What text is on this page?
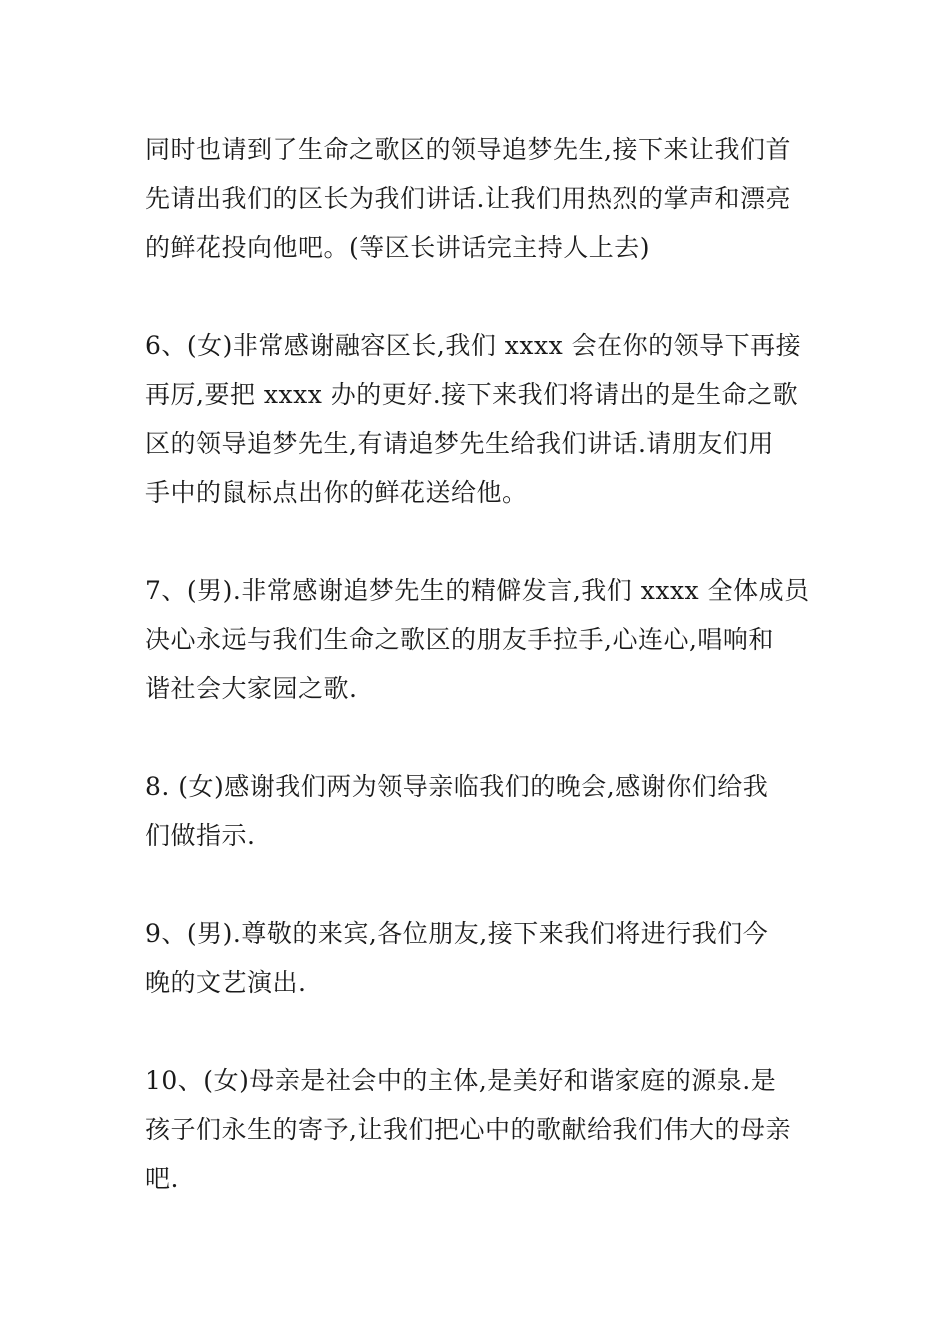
同时也请到了生命之歌区的领导追梦先生,接下来让我们首
先请出我们的区长为我们讲话.让我们用热烈的掌声和漂亮
的鲜花投向他吧。(等区长讲话完主持人上去)

6、(女)非常感谢融容区长,我们 xxxx 会在你的领导下再接
再厉,要把 xxxx 办的更好.接下来我们将请出的是生命之歌
区的领导追梦先生,有请追梦先生给我们讲话.请朋友们用
手中的鼠标点出你的鲜花送给他。

7、(男).非常感谢追梦先生的精僻发言,我们 xxxx 全体成员
决心永远与我们生命之歌区的朋友手拉手,心连心,唱响和
谐社会大家园之歌.

8. (女)感谢我们两为领导亲临我们的晚会,感谢你们给我
们做指示.

9、(男).尊敬的来宾,各位朋友,接下来我们将进行我们今
晚的文艺演出.

10、(女)母亲是社会中的主体,是美好和谐家庭的源泉.是
孩子们永生的寄予,让我们把心中的歌献给我们伟大的母亲
吧.
